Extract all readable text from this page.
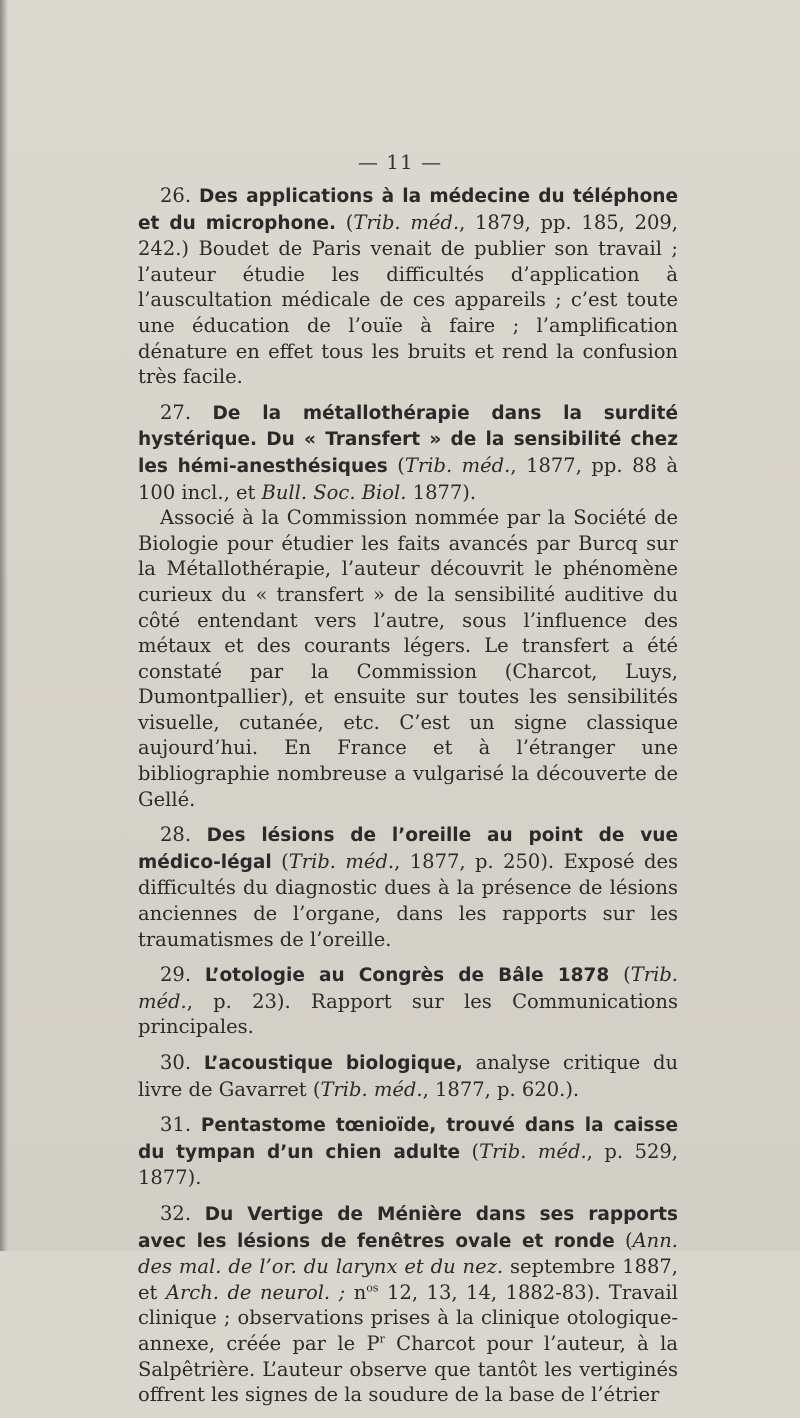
— 11 —

26. Des applications à la médecine du téléphone et du microphone. (Trib. méd., 1879, pp. 185, 209, 242.) Boudet de Paris venait de publier son travail ; l’auteur étudie les difficultés d’application à l’auscultation médicale de ces appareils ; c’est toute une éducation de l’ouïe à faire ; l’amplification dénature en effet tous les bruits et rend la confusion très facile.

27. De la métallothérapie dans la surdité hystérique. Du « Transfert » de la sensibilité chez les hémi-anesthésiques (Trib. méd., 1877, pp. 88 à 100 incl., et Bull. Soc. Biol. 1877).

Associé à la Commission nommée par la Société de Biologie pour étudier les faits avancés par Burcq sur la Métallothérapie, l’auteur découvrit le phénomène curieux du « transfert » de la sensibilité auditive du côté entendant vers l’autre, sous l’influence des métaux et des courants légers. Le transfert a été constaté par la Commission (Charcot, Luys, Dumontpallier), et ensuite sur toutes les sensibilités visuelle, cutanée, etc. C’est un signe classique aujourd’hui. En France et à l’étranger une bibliographie nombreuse a vulgarisé la découverte de Gellé.

28. Des lésions de l’oreille au point de vue médico-légal (Trib. méd., 1877, p. 250). Exposé des difficultés du diagnostic dues à la présence de lésions anciennes de l’organe, dans les rapports sur les traumatismes de l’oreille.

29. L’otologie au Congrès de Bâle 1878 (Trib. méd., p. 23). Rapport sur les Communications principales.

30. L’acoustique biologique, analyse critique du livre de Gavarret (Trib. méd., 1877, p. 620.).

31. Pentastome tœnioïde, trouvé dans la caisse du tympan d’un chien adulte (Trib. méd., p. 529, 1877).

32. Du Vertige de Ménière dans ses rapports avec les lésions de fenêtres ovale et ronde (Ann. des mal. de l’or. du larynx et du nez. septembre 1887, et Arch. de neurol. ; $n^{os}$ 12, 13, 14, 1882-83). Travail clinique ; observations prises à la clinique otologique-annexe, créée par le $P^r$ Charcot pour l’auteur, à la Salpêtrière. L’auteur observe que tantôt les vertiginés offrent les signes de la soudure de la base de l’étrier
